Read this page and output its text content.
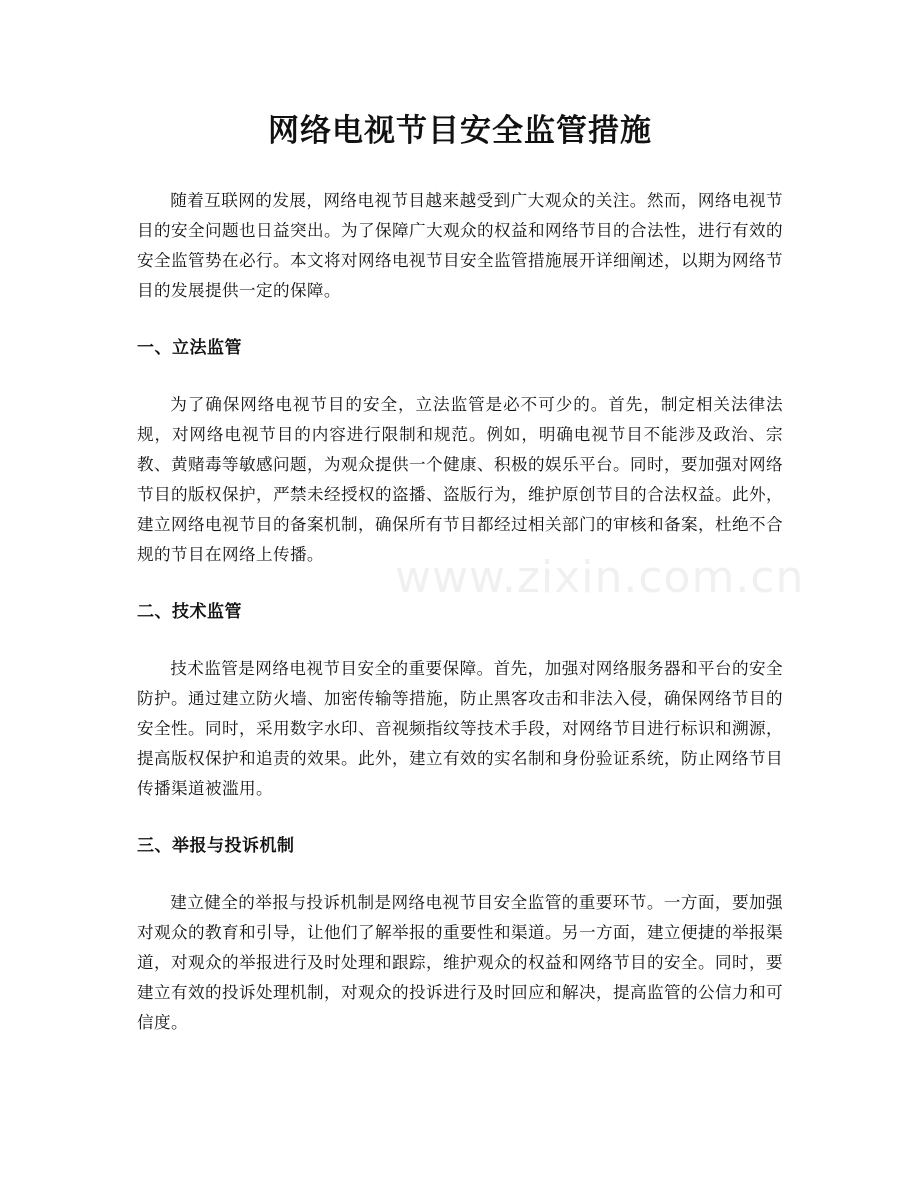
网络电视节目安全监管措施

随着互联网的发展，网络电视节目越来越受到广大观众的关注。然而，网络电视节目的安全问题也日益突出。为了保障广大观众的权益和网络节目的合法性，进行有效的安全监管势在必行。本文将对网络电视节目安全监管措施展开详细阐述，以期为网络节目的发展提供一定的保障。

一、立法监管

为了确保网络电视节目的安全，立法监管是必不可少的。首先，制定相关法律法规，对网络电视节目的内容进行限制和规范。例如，明确电视节目不能涉及政治、宗教、黄赌毒等敏感问题，为观众提供一个健康、积极的娱乐平台。同时，要加强对网络节目的版权保护，严禁未经授权的盗播、盗版行为，维护原创节目的合法权益。此外，建立网络电视节目的备案机制，确保所有节目都经过相关部门的审核和备案，杜绝不合规的节目在网络上传播。

二、技术监管

技术监管是网络电视节目安全的重要保障。首先，加强对网络服务器和平台的安全防护。通过建立防火墙、加密传输等措施，防止黑客攻击和非法入侵，确保网络节目的安全性。同时，采用数字水印、音视频指纹等技术手段，对网络节目进行标识和溯源，提高版权保护和追责的效果。此外，建立有效的实名制和身份验证系统，防止网络节目传播渠道被滥用。

三、举报与投诉机制

建立健全的举报与投诉机制是网络电视节目安全监管的重要环节。一方面，要加强对观众的教育和引导，让他们了解举报的重要性和渠道。另一方面，建立便捷的举报渠道，对观众的举报进行及时处理和跟踪，维护观众的权益和网络节目的安全。同时，要建立有效的投诉处理机制，对观众的投诉进行及时回应和解决，提高监管的公信力和可信度。

www.zixin.com.cn
